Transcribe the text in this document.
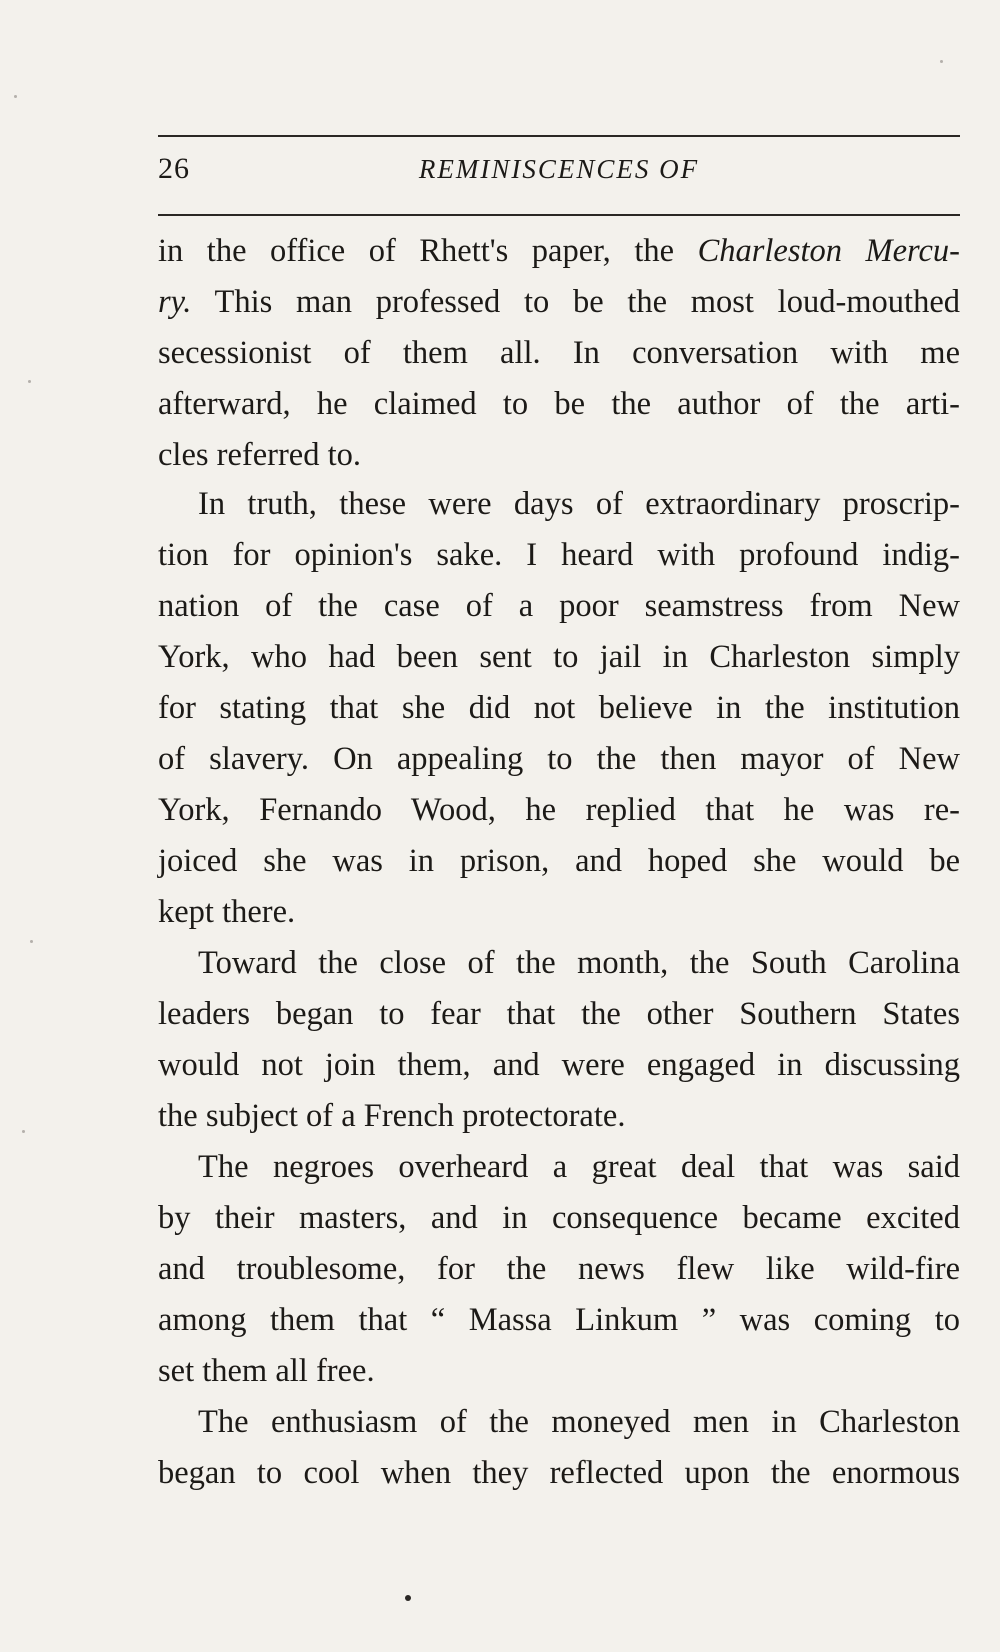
26	REMINISCENCES OF
in the office of Rhett's paper, the Charleston Mercu-
ry. This man professed to be the most loud-mouthed
secessionist of them all. In conversation with me
afterward, he claimed to be the author of the arti-
cles referred to.
In truth, these were days of extraordinary proscrip-
tion for opinion's sake. I heard with profound indig-
nation of the case of a poor seamstress from New
York, who had been sent to jail in Charleston simply
for stating that she did not believe in the institution
of slavery. On appealing to the then mayor of New
York, Fernando Wood, he replied that he was re-
joiced she was in prison, and hoped she would be
kept there.
Toward the close of the month, the South Carolina
leaders began to fear that the other Southern States
would not join them, and were engaged in discussing
the subject of a French protectorate.
The negroes overheard a great deal that was said
by their masters, and in consequence became excited
and troublesome, for the news flew like wild-fire
among them that “ Massa Linkum ” was coming to
set them all free.
The enthusiasm of the moneyed men in Charleston
began to cool when they reflected upon the enormous
